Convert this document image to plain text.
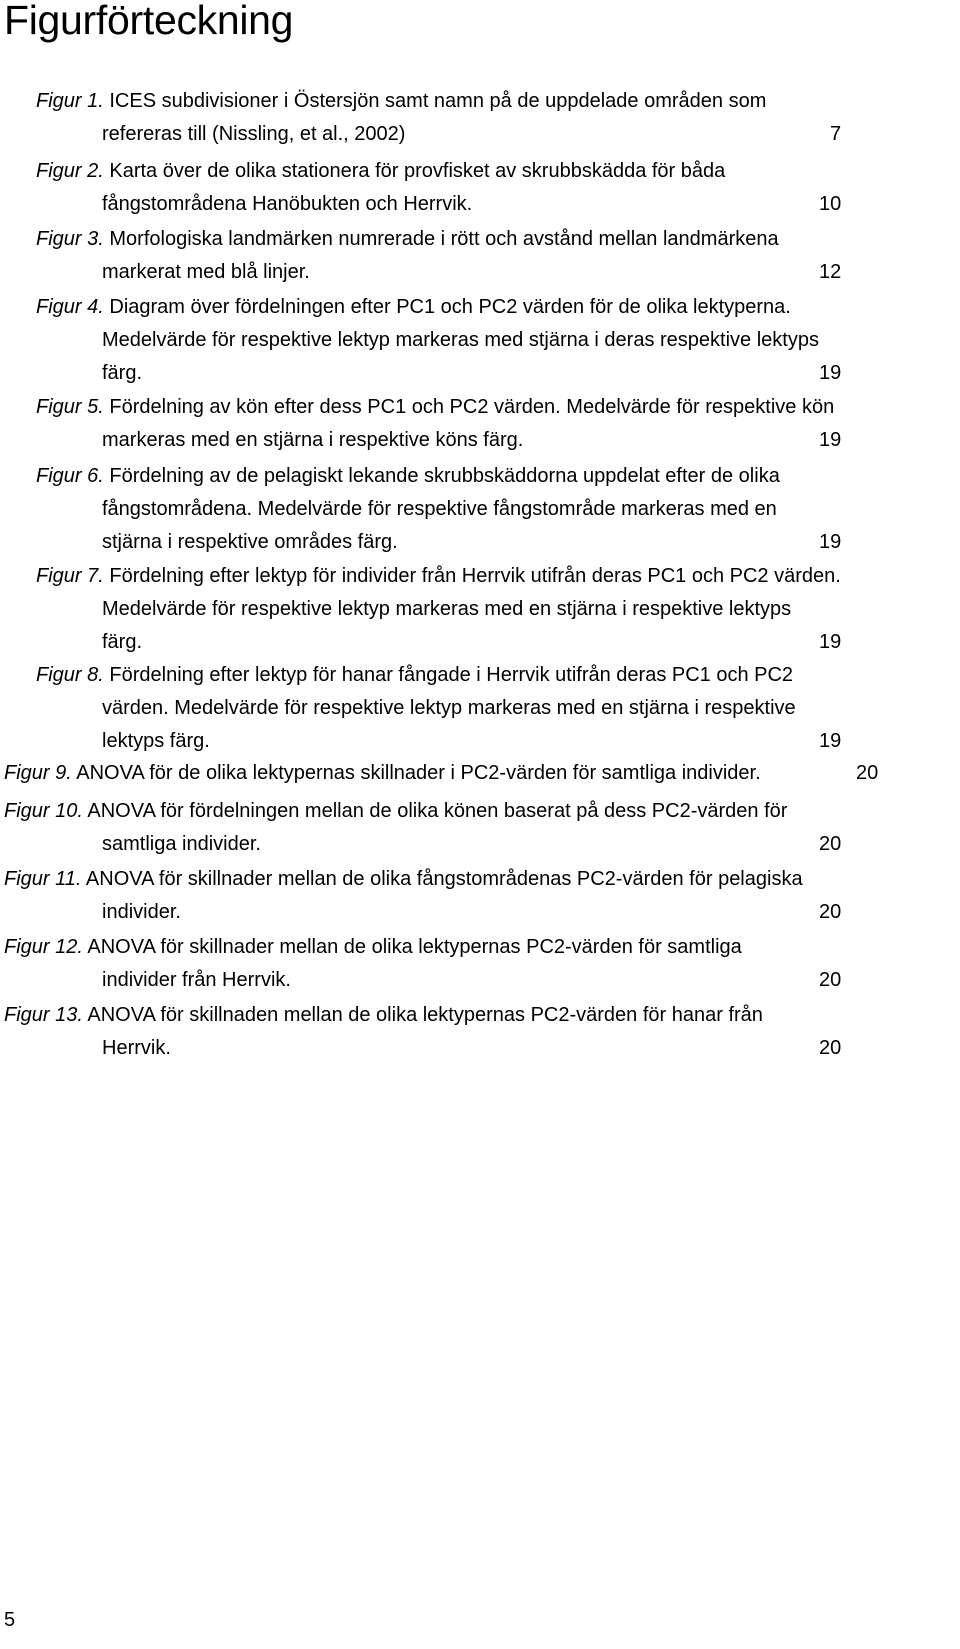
Figurförteckning
Figur 1. ICES subdivisioner i Östersjön samt namn på de uppdelade områden som
refereras till (Nissling, et al., 2002)	7
Figur 2. Karta över de olika stationera för provfisket av skrubbskädda för båda
fångstområdena Hanöbukten och Herrvik.	10
Figur 3. Morfologiska landmärken numrerade i rött och avstånd mellan landmärkena
markerat med blå linjer.	12
Figur 4. Diagram över fördelningen efter PC1 och PC2 värden för de olika lektyperna.
Medelvärde för respektive lektyp markeras med stjärna i deras respektive lektyps
färg.	19
Figur 5. Fördelning av kön efter dess PC1 och PC2 värden. Medelvärde för respektive kön
markeras med en stjärna i respektive köns färg.	19
Figur 6. Fördelning av de pelagiskt lekande skrubbskäddorna uppdelat efter de olika
fångstområdena. Medelvärde för respektive fångstområde markeras med en
stjärna i respektive områdes färg.	19
Figur 7. Fördelning efter lektyp för individer från Herrvik utifrån deras PC1 och PC2 värden.
Medelvärde för respektive lektyp markeras med en stjärna i respektive lektyps
färg.	19
Figur 8. Fördelning efter lektyp för hanar fångade i Herrvik utifrån deras PC1 och PC2
värden. Medelvärde för respektive lektyp markeras med en stjärna i respektive
lektyps färg.	19
Figur 9. ANOVA för de olika lektypernas skillnader i PC2-värden för samtliga individer.	20
Figur 10. ANOVA för fördelningen mellan de olika könen baserat på dess PC2-värden för
samtliga individer.	20
Figur 11. ANOVA för skillnader mellan de olika fångstområdenas PC2-värden för pelagiska
individer.	20
Figur 12. ANOVA för skillnader mellan de olika lektypernas PC2-värden för samtliga
individer från Herrvik.	20
Figur 13. ANOVA för skillnaden mellan de olika lektypernas PC2-värden för hanar från
Herrvik.	20
5
